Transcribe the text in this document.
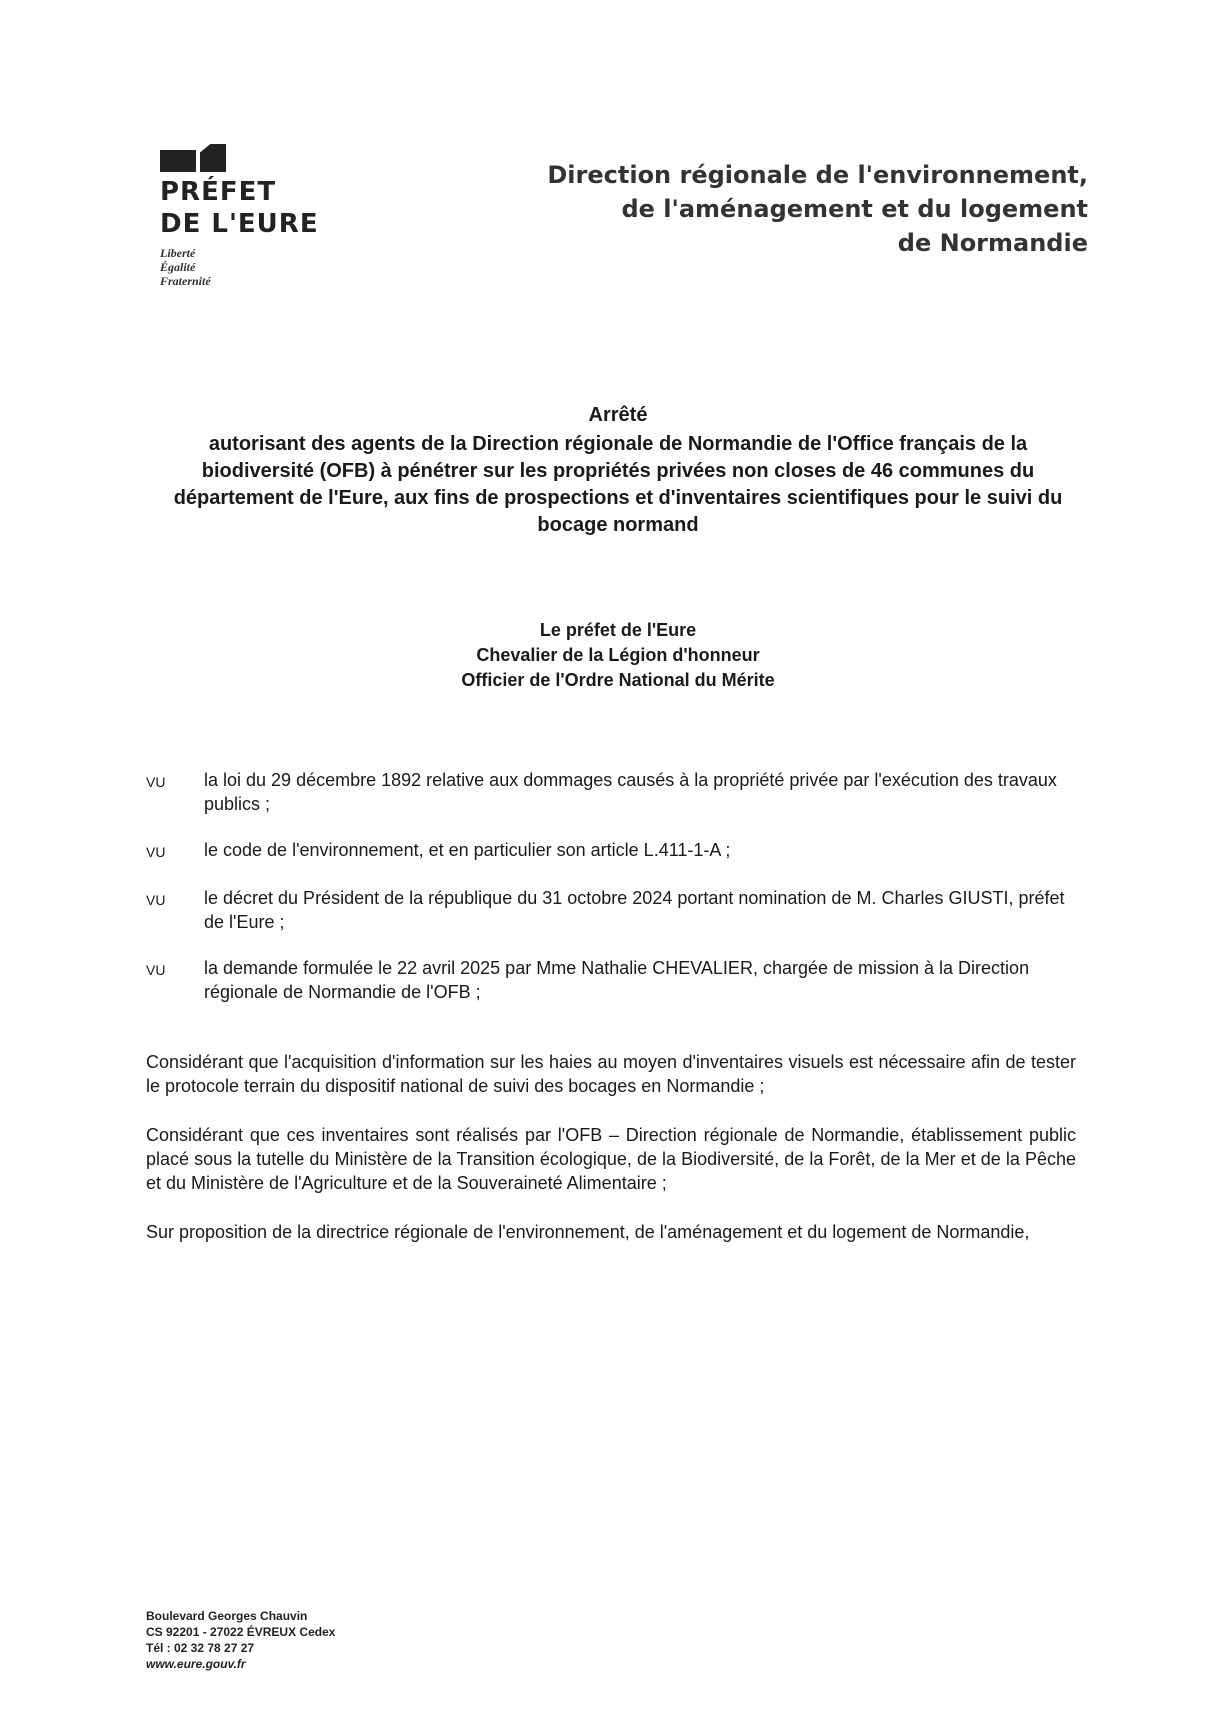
PRÉFET
DE L'EURE
Liberté
Égalité
Fraternité
Direction régionale de l'environnement,
de l'aménagement et du logement
de Normandie
Arrêté
autorisant des agents de la Direction régionale de Normandie de l'Office français de la biodiversité (OFB) à pénétrer sur les propriétés privées non closes de 46 communes du département de l'Eure, aux fins de prospections et d'inventaires scientifiques pour le suivi du bocage normand
Le préfet de l'Eure
Chevalier de la Légion d'honneur
Officier de l'Ordre National du Mérite
VU	la loi du 29 décembre 1892 relative aux dommages causés à la propriété privée par l'exécution des travaux publics ;
VU	le code de l'environnement, et en particulier son article L.411-1-A ;
VU	le décret du Président de la république du 31 octobre 2024 portant nomination de M. Charles GIUSTI, préfet de l'Eure ;
VU	la demande formulée le 22 avril 2025 par Mme Nathalie CHEVALIER, chargée de mission à la Direction régionale de Normandie de l'OFB ;

Considérant que l'acquisition d'information sur les haies au moyen d'inventaires visuels est nécessaire afin de tester le protocole terrain du dispositif national de suivi des bocages en Normandie ;

Considérant que ces inventaires sont réalisés par l'OFB – Direction régionale de Normandie, établissement public placé sous la tutelle du Ministère de la Transition écologique, de la Biodiversité, de la Forêt, de la Mer et de la Pêche et du Ministère de l'Agriculture et de la Souveraineté Alimentaire ;

Sur proposition de la directrice régionale de l'environnement, de l'aménagement et du logement de Normandie,

Boulevard Georges Chauvin
CS 92201 - 27022 ÉVREUX Cedex
Tél : 02 32 78 27 27
www.eure.gouv.fr
